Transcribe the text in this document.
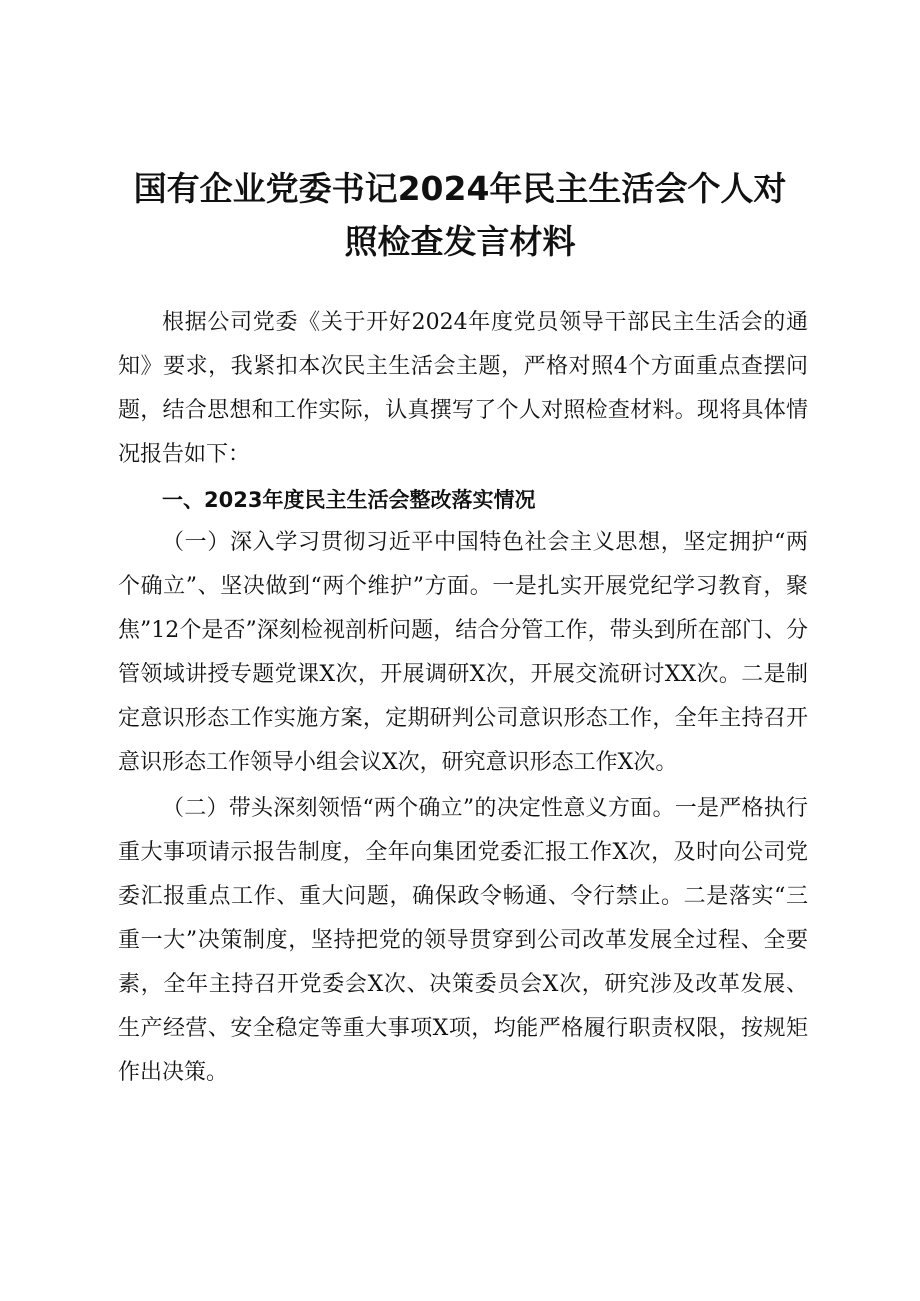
国有企业党委书记2024年民主生活会个人对
照检查发言材料
根据公司党委《关于开好2024年度党员领导干部民主生活会的通知》要求，我紧扣本次民主生活会主题，严格对照4个方面重点查摆问题，结合思想和工作实际，认真撰写了个人对照检查材料。现将具体情况报告如下：
一、2023年度民主生活会整改落实情况
（一）深入学习贯彻习近平中国特色社会主义思想，坚定拥护“两个确立”、坚决做到“两个维护”方面。一是扎实开展党纪学习教育，聚焦”12个是否”深刻检视剖析问题，结合分管工作，带头到所在部门、分管领域讲授专题党课X次，开展调研X次，开展交流研讨XX次。二是制定意识形态工作实施方案，定期研判公司意识形态工作，全年主持召开意识形态工作领导小组会议X次，研究意识形态工作X次。
（二）带头深刻领悟“两个确立”的决定性意义方面。一是严格执行重大事项请示报告制度，全年向集团党委汇报工作X次，及时向公司党委汇报重点工作、重大问题，确保政令畅通、令行禁止。二是落实“三重一大”决策制度，坚持把党的领导贯穿到公司改革发展全过程、全要素，全年主持召开党委会X次、决策委员会X次，研究涉及改革发展、生产经营、安全稳定等重大事项X项，均能严格履行职责权限，按规矩作出决策。
